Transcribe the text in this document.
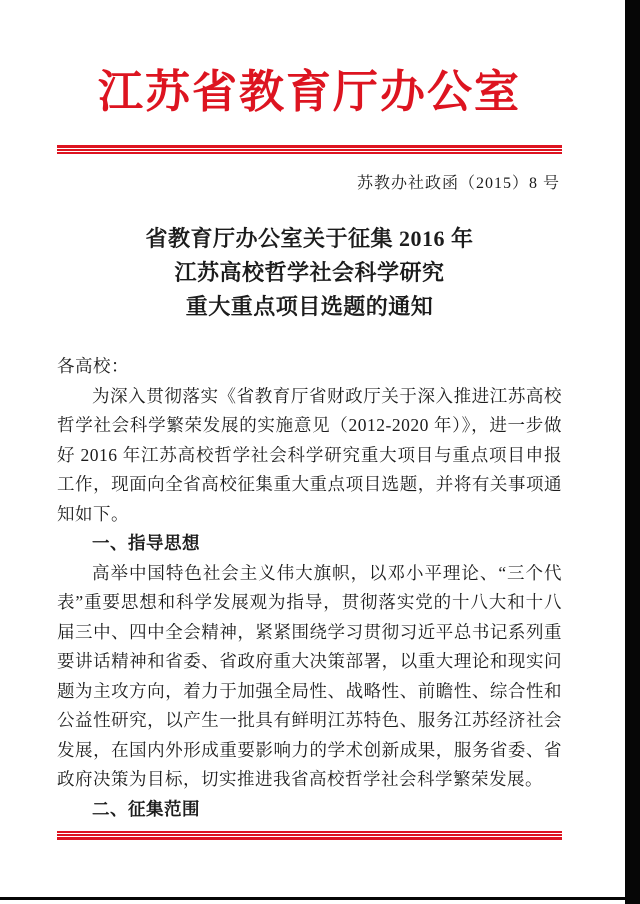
江苏省教育厅办公室
苏教办社政函（2015）8 号
省教育厅办公室关于征集 2016 年
江苏高校哲学社会科学研究
重大重点项目选题的通知

各高校：

为深入贯彻落实《省教育厅省财政厅关于深入推进江苏高校哲学社会科学繁荣发展的实施意见（2012-2020 年）》，进一步做好 2016 年江苏高校哲学社会科学研究重大项目与重点项目申报工作，现面向全省高校征集重大重点项目选题，并将有关事项通知如下。

一、指导思想

高举中国特色社会主义伟大旗帜，以邓小平理论、“三个代表”重要思想和科学发展观为指导，贯彻落实党的十八大和十八届三中、四中全会精神，紧紧围绕学习贯彻习近平总书记系列重要讲话精神和省委、省政府重大决策部署，以重大理论和现实问题为主攻方向，着力于加强全局性、战略性、前瞻性、综合性和公益性研究，以产生一批具有鲜明江苏特色、服务江苏经济社会发展，在国内外形成重要影响力的学术创新成果，服务省委、省政府决策为目标，切实推进我省高校哲学社会科学繁荣发展。

二、征集范围
